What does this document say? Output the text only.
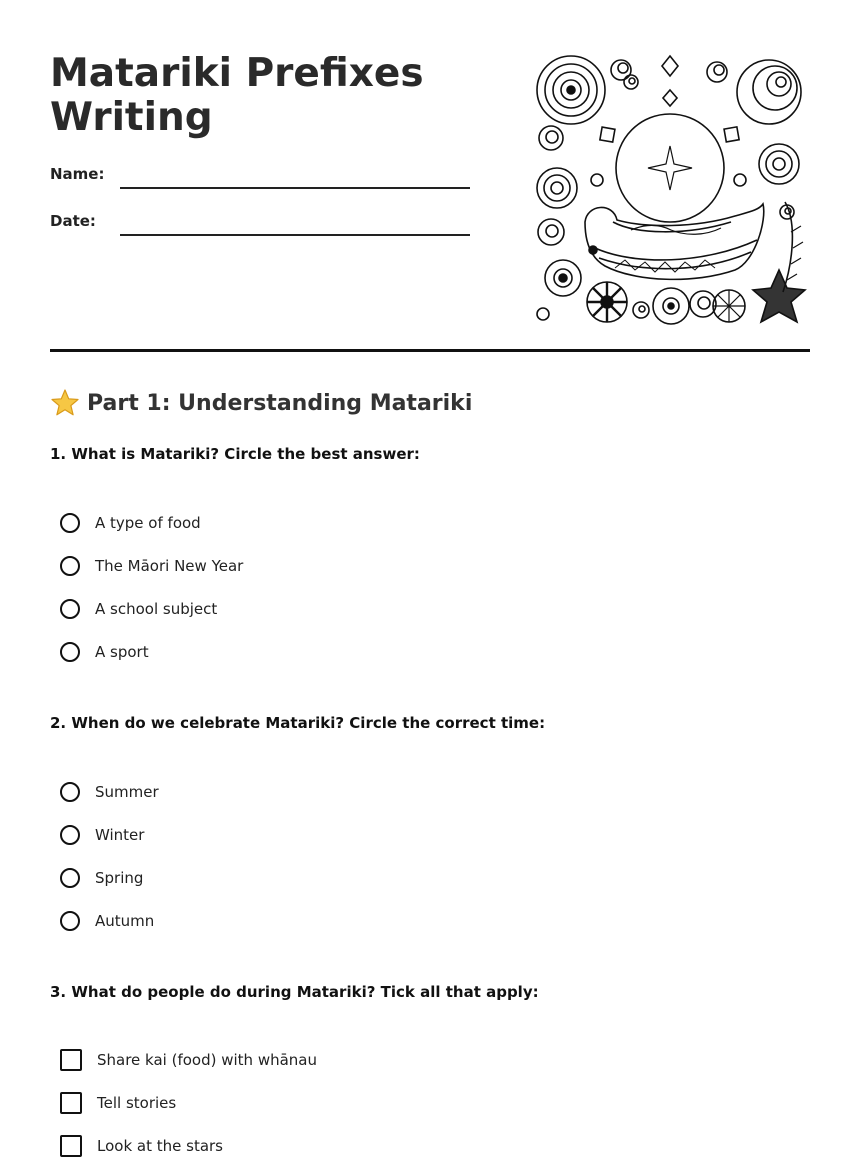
Matariki Prefixes
Writing
Name:
Date:
Part 1: Understanding Matariki

1. What is Matariki? Circle the best answer:

A type of food
The Māori New Year
A school subject
A sport

2. When do we celebrate Matariki? Circle the correct time:

Summer
Winter
Spring
Autumn

3. What do people do during Matariki? Tick all that apply:

Share kai (food) with whānau
Tell stories
Look at the stars
